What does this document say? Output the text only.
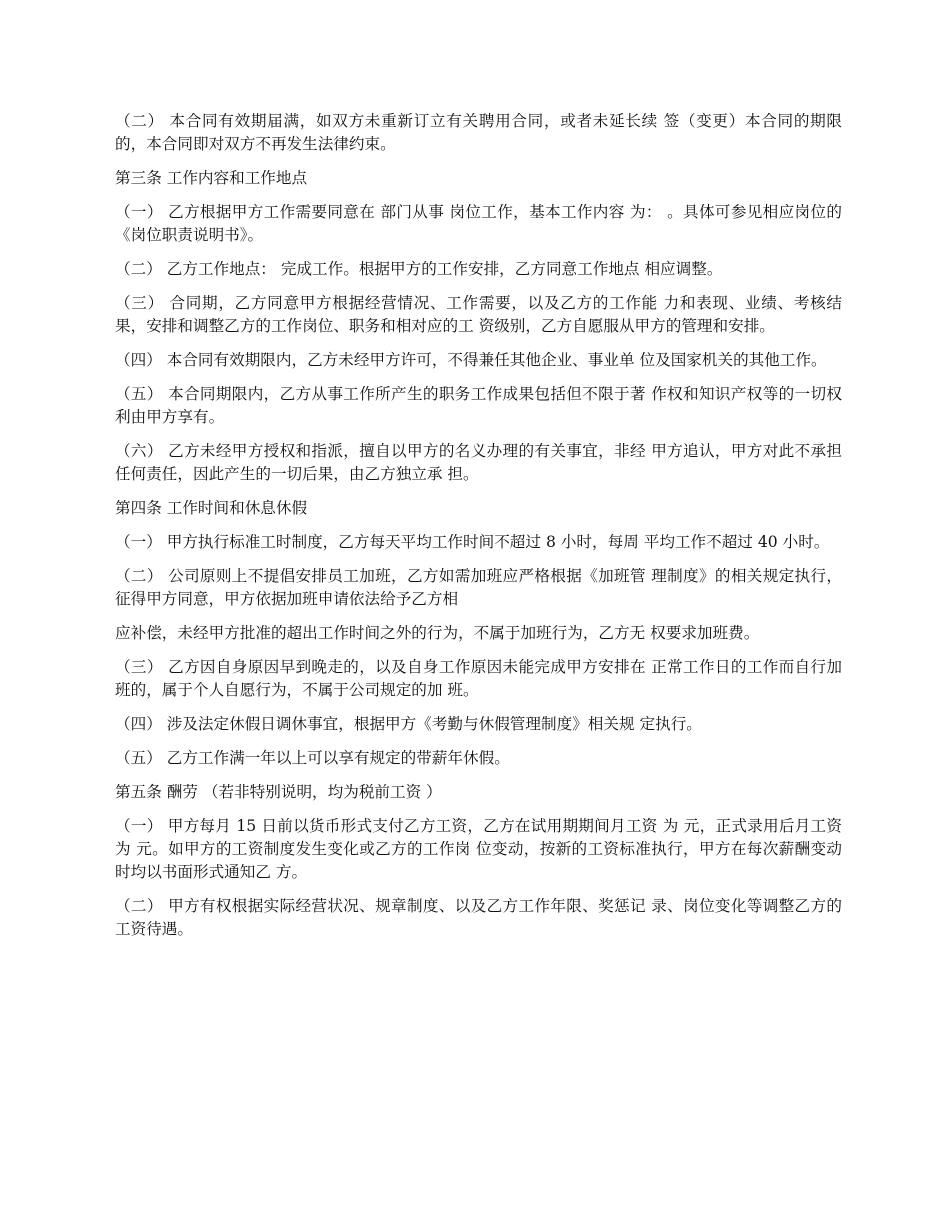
（二） 本合同有效期届满，如双方未重新订立有关聘用合同，或者未延长续 签（变更）本合同的期限的，本合同即对双方不再发生法律约束。

第三条 工作内容和工作地点

（一） 乙方根据甲方工作需要同意在 部门从事 岗位工作，基本工作内容 为： 。具体可参见相应岗位的《岗位职责说明书》。

（二） 乙方工作地点： 完成工作。根据甲方的工作安排，乙方同意工作地点 相应调整。

（三） 合同期，乙方同意甲方根据经营情况、工作需要，以及乙方的工作能 力和表现、业绩、考核结果，安排和调整乙方的工作岗位、职务和相对应的工 资级别，乙方自愿服从甲方的管理和安排。

（四） 本合同有效期限内，乙方未经甲方许可，不得兼任其他企业、事业单 位及国家机关的其他工作。

（五） 本合同期限内，乙方从事工作所产生的职务工作成果包括但不限于著 作权和知识产权等的一切权利由甲方享有。

（六） 乙方未经甲方授权和指派，擅自以甲方的名义办理的有关事宜，非经 甲方追认，甲方对此不承担任何责任，因此产生的一切后果，由乙方独立承 担。

第四条 工作时间和休息休假

（一） 甲方执行标准工时制度，乙方每天平均工作时间不超过 8 小时，每周 平均工作不超过 40 小时。

（二） 公司原则上不提倡安排员工加班，乙方如需加班应严格根据《加班管 理制度》的相关规定执行，征得甲方同意，甲方依据加班申请依法给予乙方相

应补偿，未经甲方批准的超出工作时间之外的行为，不属于加班行为，乙方无 权要求加班费。

（三） 乙方因自身原因早到晚走的，以及自身工作原因未能完成甲方安排在 正常工作日的工作而自行加班的，属于个人自愿行为，不属于公司规定的加 班。

（四） 涉及法定休假日调休事宜，根据甲方《考勤与休假管理制度》相关规 定执行。

（五） 乙方工作满一年以上可以享有规定的带薪年休假。

第五条 酬劳 （若非特别说明，均为税前工资 ）

（一） 甲方每月 15 日前以货币形式支付乙方工资，乙方在试用期期间月工资 为 元，正式录用后月工资为 元。如甲方的工资制度发生变化或乙方的工作岗 位变动，按新的工资标准执行，甲方在每次薪酬变动时均以书面形式通知乙 方。

（二） 甲方有权根据实际经营状况、规章制度、以及乙方工作年限、奖惩记 录、岗位变化等调整乙方的工资待遇。
